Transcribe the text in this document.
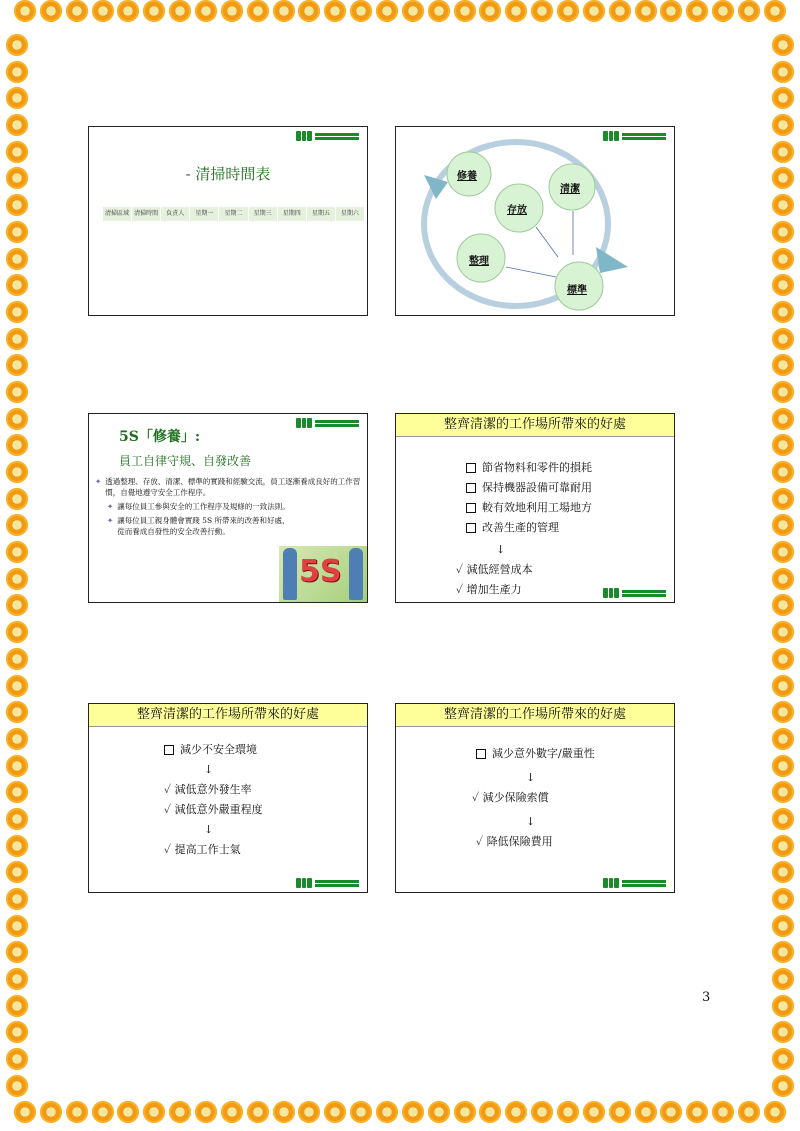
- 清掃時間表
清掃區域 清掃時間	負責人	星期一	星期二	星期三	星期四	星期五	星期六
修養
存放
清潔
整理
標準
5S「修養」:
員工自律守規、自發改善
✦ 透過整理、存放、清潔、標準的實踐和經驗交流，員工逐漸養成良好的工作習慣，自覺地遵守安全工作程序。
✦ 讓每位員工參與安全的工作程序及規條的一致法則。
✦ 讓每位員工親身體會實踐 5S 所帶來的改善和好處，從而養成自發性的安全改善行動。
5S
整齊清潔的工作場所帶來的好處
節省物料和零件的損耗
保持機器設備可靠耐用
較有效地利用工場地方
改善生產的管理
↓
✓ 減低經營成本
✓ 增加生產力
整齊清潔的工作場所帶來的好處
減少不安全環境
↓
✓ 減低意外發生率
✓ 減低意外嚴重程度
↓
✓ 提高工作士氣
整齊清潔的工作場所帶來的好處
減少意外數字/嚴重性
↓
✓ 減少保險索償
↓
✓ 降低保險費用
3
